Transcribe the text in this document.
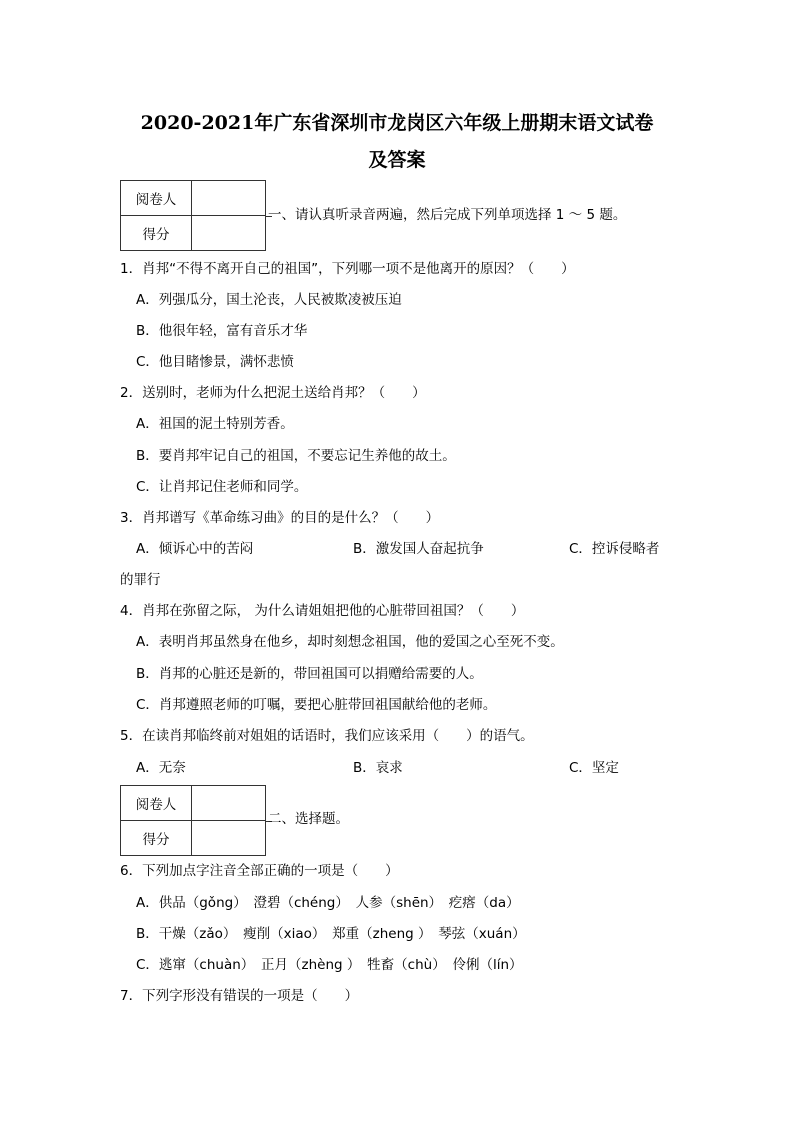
2020-2021年广东省深圳市龙岗区六年级上册期末语文试卷
及答案
阅卷人	
得分	
一、请认真听录音两遍，然后完成下列单项选择 1 ～ 5 题。
1．肖邦“不得不离开自己的祖国”，下列哪一项不是他离开的原因？（　　）
A．列强瓜分，国土沦丧，人民被欺凌被压迫
B．他很年轻，富有音乐才华
C．他目睹惨景，满怀悲愤
2．送别时，老师为什么把泥土送给肖邦？（　　）
A．祖国的泥土特别芳香。
B．要肖邦牢记自己的祖国，不要忘记生养他的故土。
C．让肖邦记住老师和同学。
3．肖邦谱写《革命练习曲》的目的是什么？（　　）
A．倾诉心中的苦闷	B．激发国人奋起抗争	C．控诉侵略者
的罪行
4．肖邦在弥留之际， 为什么请姐姐把他的心脏带回祖国？（　　）
A．表明肖邦虽然身在他乡，却时刻想念祖国，他的爱国之心至死不变。
B．肖邦的心脏还是新的，带回祖国可以捐赠给需要的人。
C．肖邦遵照老师的叮嘱，要把心脏带回祖国献给他的老师。
5．在读肖邦临终前对姐姐的话语时，我们应该采用（　　）的语气。
A．无奈	B．哀求	C．坚定
阅卷人	
得分	
二、选择题。
6．下列加点字注音全部正确的一项是（　　）
A．供品（gǒng）　澄碧（chéng）　人参（shēn）　疙瘩（da）
B．干燥（zǎo）　瘦削（xiao）　郑重（zheng ）　琴弦（xuán）
C．逃窜（chuàn）　正月（zhèng ）　牲畜（chù）　伶俐（lín）
7．下列字形没有错误的一项是（　　）
